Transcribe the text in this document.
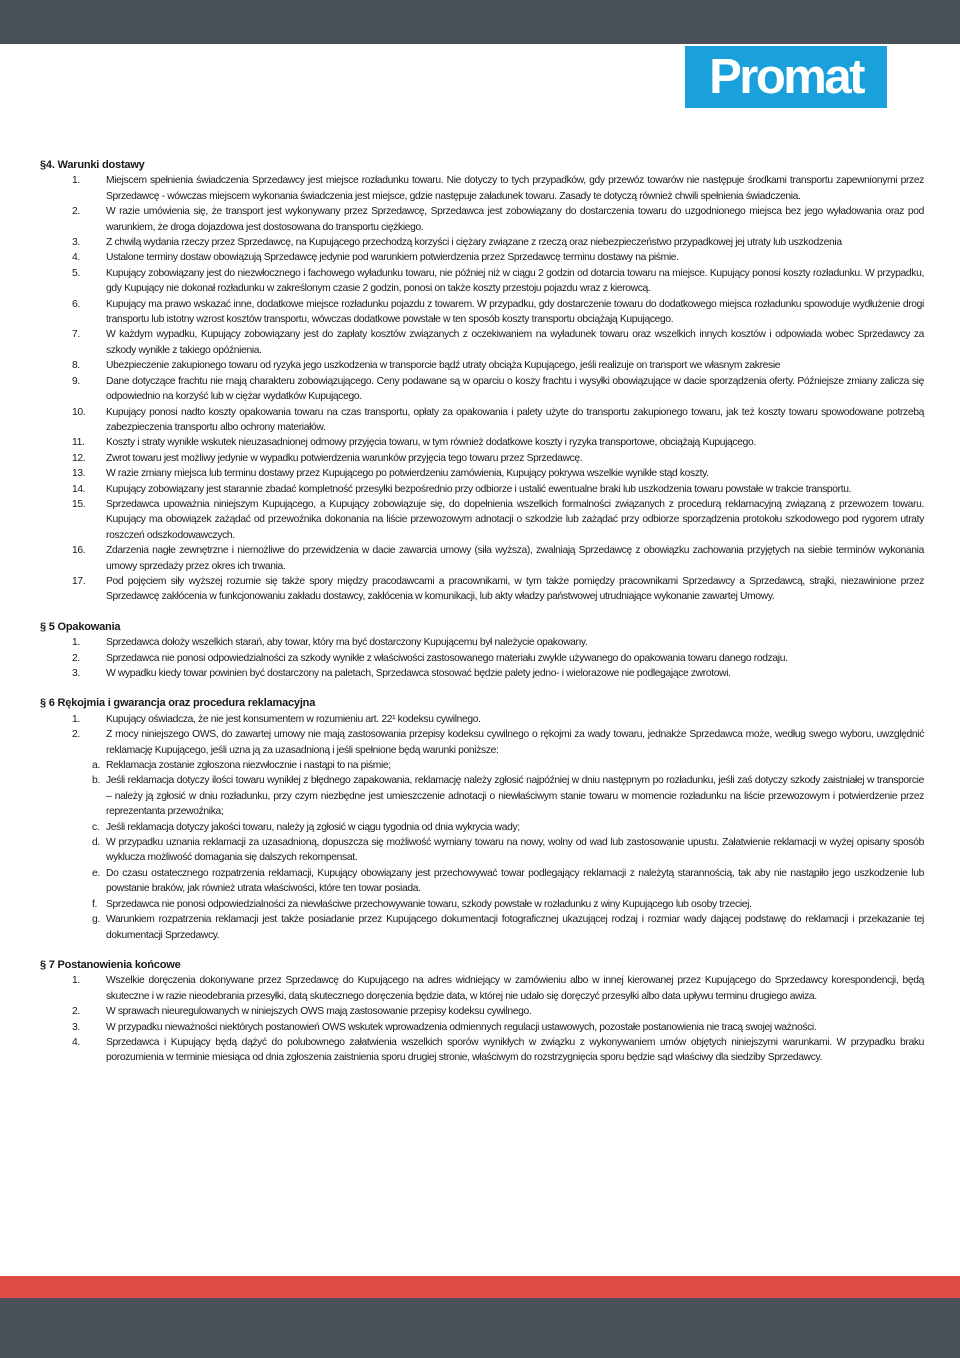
Promat

§4. Warunki dostawy

1.	Miejscem spełnienia świadczenia Sprzedawcy jest miejsce rozładunku towaru. Nie dotyczy to tych przypadków, gdy przewóz towarów nie następuje środkami transportu zapewnionymi przez Sprzedawcę - wówczas miejscem wykonania świadczenia jest miejsce, gdzie następuje załadunek towaru. Zasady te dotyczą również chwili spełnienia świadczenia.
2.	W razie umówienia się, że transport jest wykonywany przez Sprzedawcę, Sprzedawca jest zobowiązany do dostarczenia towaru do uzgodnionego miejsca bez jego wyładowania oraz pod warunkiem, że droga dojazdowa jest dostosowana do transportu ciężkiego.
3.	Z chwilą wydania rzeczy przez Sprzedawcę, na Kupującego przechodzą korzyści i ciężary związane z rzeczą oraz niebezpieczeństwo przypadkowej jej utraty lub uszkodzenia
4.	Ustalone terminy dostaw obowiązują Sprzedawcę jedynie pod warunkiem potwierdzenia przez Sprzedawcę terminu dostawy na piśmie.
5.	Kupujący zobowiązany jest do niezwłocznego i fachowego wyładunku towaru, nie później niż w ciągu 2 godzin od dotarcia towaru na miejsce. Kupujący ponosi koszty rozładunku. W przypadku, gdy Kupujący nie dokonał rozładunku w zakreślonym czasie 2 godzin, ponosi on także koszty przestoju pojazdu wraz z kierowcą.
6.	Kupujący ma prawo wskazać inne, dodatkowe miejsce rozładunku pojazdu z towarem. W przypadku, gdy dostarczenie towaru do dodatkowego miejsca rozładunku spowoduje wydłużenie drogi transportu lub istotny wzrost kosztów transportu, wówczas dodatkowe powstałe w ten sposób koszty transportu obciążają Kupującego.
7.	W każdym wypadku, Kupujący zobowiązany jest do zapłaty kosztów związanych z oczekiwaniem na wyładunek towaru oraz wszelkich innych kosztów i odpowiada wobec Sprzedawcy za szkody wynikłe z takiego opóźnienia.
8.	Ubezpieczenie zakupionego towaru od ryzyka jego uszkodzenia w transporcie bądź utraty obciąża Kupującego, jeśli realizuje on transport we własnym zakresie
9.	Dane dotyczące frachtu nie mają charakteru zobowiązującego. Ceny podawane są w oparciu o koszy frachtu i wysyłki obowiązujące w dacie sporządzenia oferty. Późniejsze zmiany zalicza się odpowiednio na korzyść lub w ciężar wydatków Kupującego.
10. Kupujący ponosi nadto koszty opakowania towaru na czas transportu, opłaty za opakowania i palety użyte do transportu zakupionego towaru, jak też koszty towaru spowodowane potrzebą zabezpieczenia transportu albo ochrony materiałów.
11. Koszty i straty wynikłe wskutek nieuzasadnionej odmowy przyjęcia towaru, w tym również dodatkowe koszty i ryzyka transportowe, obciążają Kupującego.
12. Zwrot towaru jest możliwy jedynie w wypadku potwierdzenia warunków przyjęcia tego towaru przez Sprzedawcę.
13. W razie zmiany miejsca lub terminu dostawy przez Kupującego po potwierdzeniu zamówienia, Kupujący pokrywa wszelkie wynikłe stąd koszty.
14. Kupujący zobowiązany jest starannie zbadać kompletność przesyłki bezpośrednio przy odbiorze i ustalić ewentualne braki lub uszkodzenia towaru powstałe w trakcie transportu.
15. Sprzedawca upoważnia niniejszym Kupującego, a Kupujący zobowiązuje się, do dopełnienia wszelkich formalności związanych z procedurą reklamacyjną związaną z przewozem towaru. Kupujący ma obowiązek zażądać od przewoźnika dokonania na liście przewozowym adnotacji o szkodzie lub zażądać przy odbiorze sporządzenia protokołu szkodowego pod rygorem utraty roszczeń odszkodowawczych.
16. Zdarzenia nagłe zewnętrzne i niemożliwe do przewidzenia w dacie zawarcia umowy (siła wyższa), zwalniają Sprzedawcę z obowiązku zachowania przyjętych na siebie terminów wykonania umowy sprzedaży przez okres ich trwania.
17. Pod pojęciem siły wyższej rozumie się także spory między pracodawcami a pracownikami, w tym także pomiędzy pracownikami Sprzedawcy a Sprzedawcą, strajki, niezawinione przez Sprzedawcę zakłócenia w funkcjonowaniu zakładu dostawcy, zakłócenia w komunikacji, lub akty władzy państwowej utrudniające wykonanie zawartej Umowy.

§ 5 Opakowania

1.	Sprzedawca dołoży wszelkich starań, aby towar, który ma być dostarczony Kupującemu był należycie opakowany.
2.	Sprzedawca nie ponosi odpowiedzialności za szkody wynikłe z właściwości zastosowanego materiału zwykle używanego do opakowania towaru danego rodzaju.
3.	W wypadku kiedy towar powinien być dostarczony na paletach, Sprzedawca stosować będzie palety jedno- i wielorazowe nie podlegające zwrotowi.

§ 6 Rękojmia i gwarancja oraz procedura reklamacyjna

1.	Kupujący oświadcza, że nie jest konsumentem w rozumieniu art. 22¹ kodeksu cywilnego.
2.	Z mocy niniejszego OWS, do zawartej umowy nie mają zastosowania przepisy kodeksu cywilnego o rękojmi za wady towaru, jednakże Sprzedawca może, według swego wyboru, uwzględnić reklamację Kupującego, jeśli uzna ją za uzasadnioną i jeśli spełnione będą warunki poniższe:
a. Reklamacja zostanie zgłoszona niezwłocznie i nastąpi to na piśmie;
b. Jeśli reklamacja dotyczy ilości towaru wynikłej z błędnego zapakowania, reklamację należy zgłosić najpóźniej w dniu następnym po rozładunku, jeśli zaś dotyczy szkody zaistniałej w transporcie – należy ją zgłosić w dniu rozładunku, przy czym niezbędne jest umieszczenie adnotacji o niewłaściwym stanie towaru w momencie rozładunku na liście przewozowym i potwierdzenie przez reprezentanta przewoźnika;
c. Jeśli reklamacja dotyczy jakości towaru, należy ją zgłosić w ciągu tygodnia od dnia wykrycia wady;
d. W przypadku uznania reklamacji za uzasadnioną, dopuszcza się możliwość wymiany towaru na nowy, wolny od wad lub zastosowanie upustu. Załatwienie reklamacji w wyżej opisany sposób wyklucza możliwość domagania się dalszych rekompensat.
e. Do czasu ostatecznego rozpatrzenia reklamacji, Kupujący obowiązany jest przechowywać towar podlegający reklamacji z należytą starannością, tak aby nie nastąpiło jego uszkodzenie lub powstanie braków, jak również utrata właściwości, które ten towar posiada.
f. Sprzedawca nie ponosi odpowiedzialności za niewłaściwe przechowywanie towaru, szkody powstałe w rozładunku z winy Kupującego lub osoby trzeciej.
g. Warunkiem rozpatrzenia reklamacji jest także posiadanie przez Kupującego dokumentacji fotograficznej ukazującej rodzaj i rozmiar wady dającej podstawę do reklamacji i przekazanie tej dokumentacji Sprzedawcy.

§ 7 Postanowienia końcowe

1.	Wszelkie doręczenia dokonywane przez Sprzedawcę do Kupującego na adres widniejący w zamówieniu albo w innej kierowanej przez Kupującego do Sprzedawcy korespondencji, będą skuteczne i w razie nieodebrania przesyłki, datą skutecznego doręczenia będzie data, w której nie udało się doręczyć przesyłki albo data upływu terminu drugiego awiza.
2.	W sprawach nieuregulowanych w niniejszych OWS mają zastosowanie przepisy kodeksu cywilnego.
3.	W przypadku nieważności niektórych postanowień OWS wskutek wprowadzenia odmiennych regulacji ustawowych, pozostałe postanowienia nie tracą swojej ważności.
4.	Sprzedawca i Kupujący będą dążyć do polubownego załatwienia wszelkich sporów wynikłych w związku z wykonywaniem umów objętych niniejszymi warunkami. W przypadku braku porozumienia w terminie miesiąca od dnia zgłoszenia zaistnienia sporu drugiej stronie, właściwym do rozstrzygnięcia sporu będzie sąd właściwy dla siedziby Sprzedawcy.
